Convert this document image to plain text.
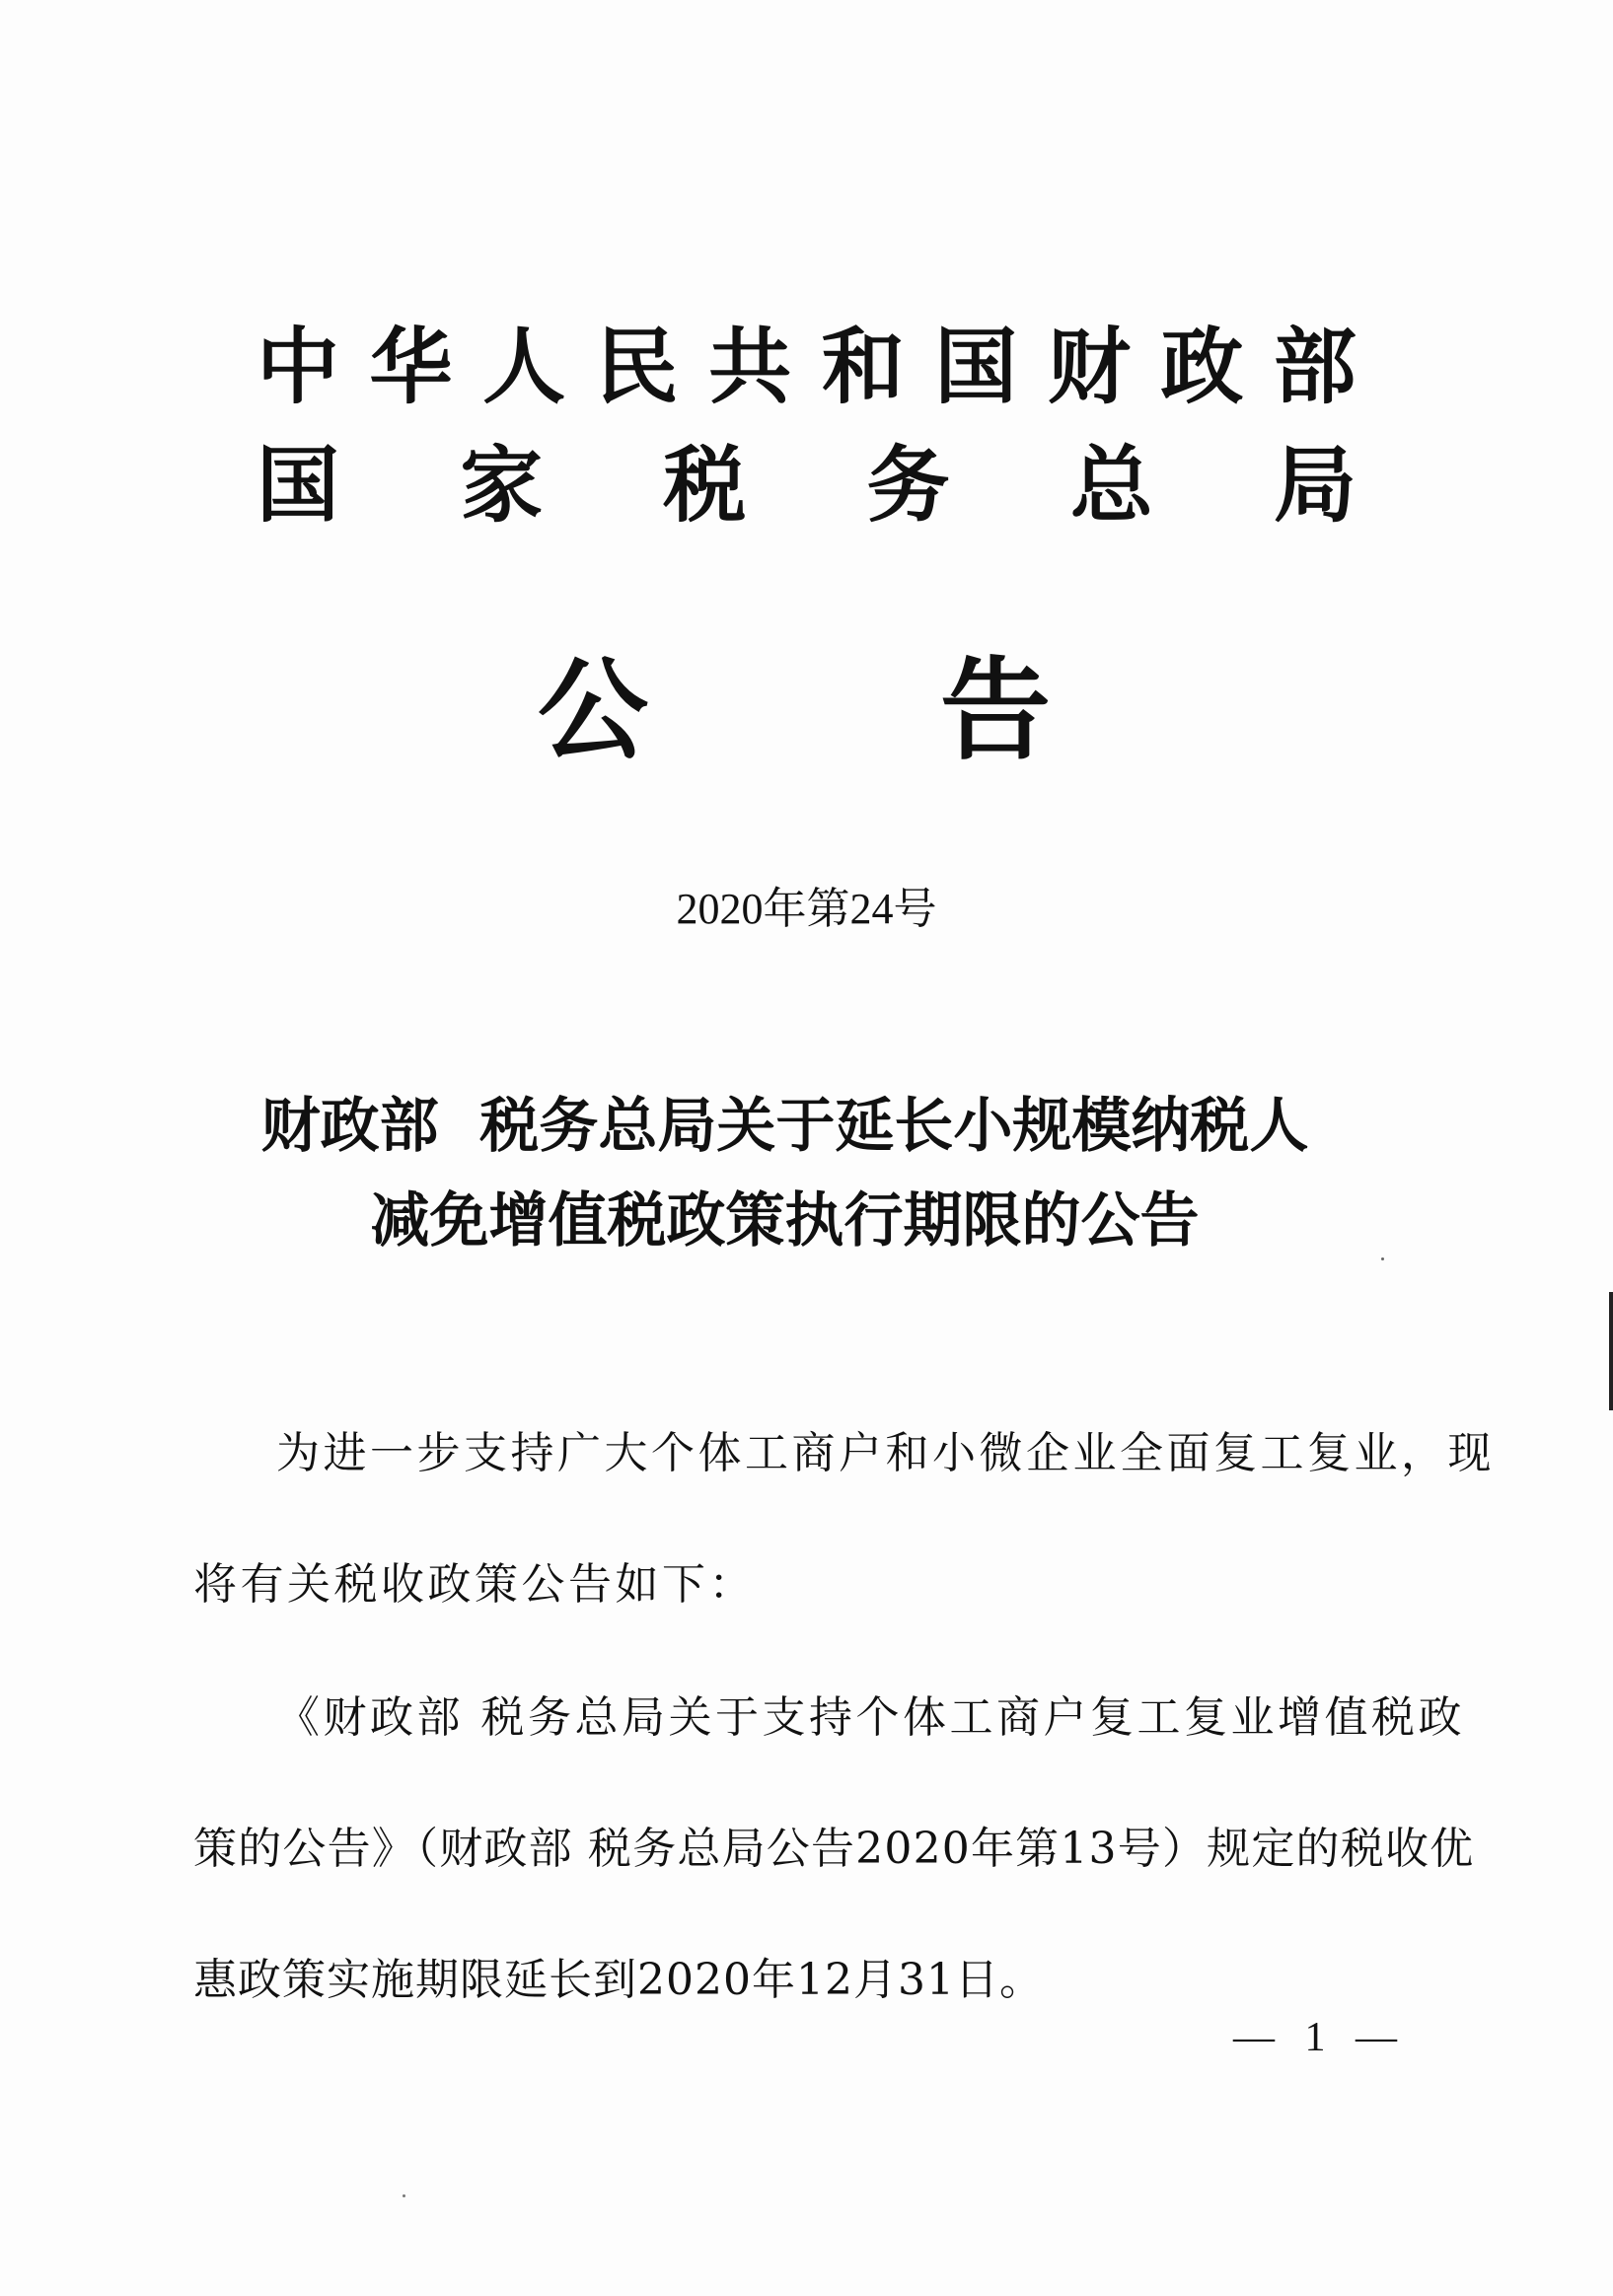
中 华 人 民 共 和 国 财 政 部
国 家 税 务 总 局
公	告
2020年第24号
财政部  税务总局关于延长小规模纳税人
减免增值税政策执行期限的公告
为进一步支持广大个体工商户和小微企业全面复工复业，现
将有关税收政策公告如下：
《财政部 税务总局关于支持个体工商户复工复业增值税政
策的公告》（财政部 税务总局公告2020年第13号）规定的税收优
惠政策实施期限延长到2020年12月31日。
— 1 —
